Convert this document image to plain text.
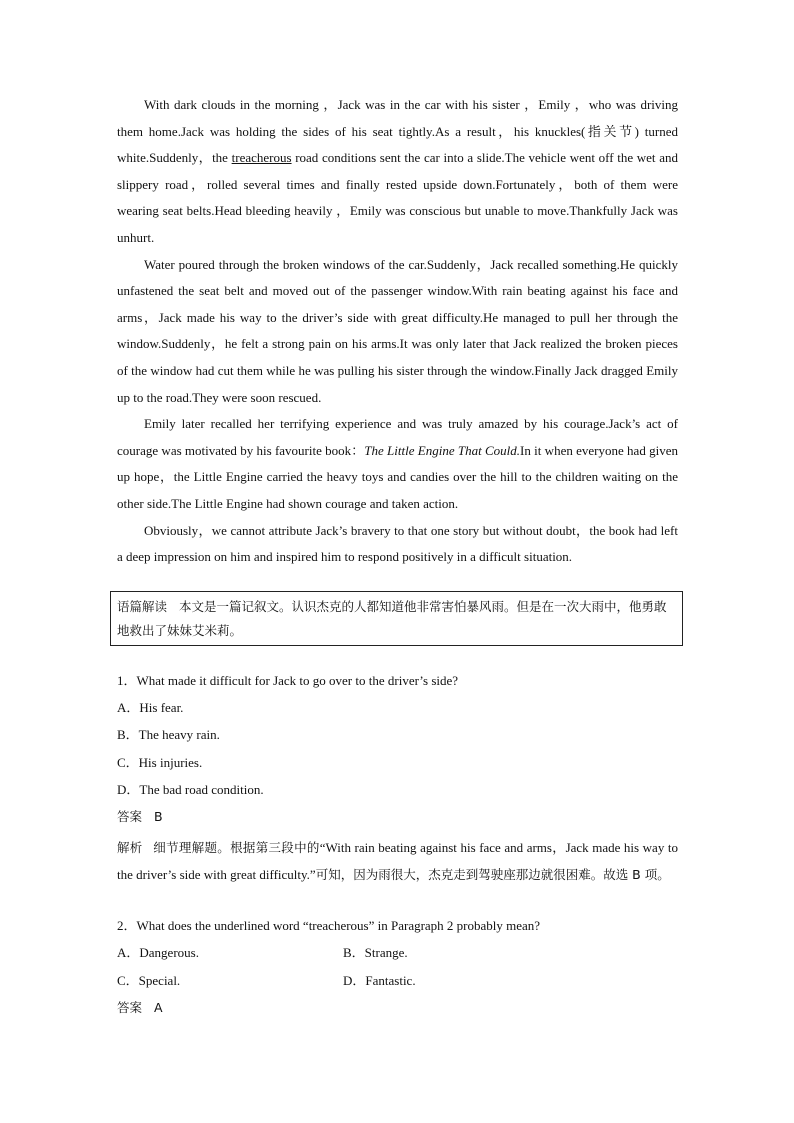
With dark clouds in the morning ，Jack was in the car with his sister ，Emily ，who was driving them home.Jack was holding the sides of his seat tightly.As a result，his knuckles(指关节) turned white.Suddenly，the treacherous road conditions sent the car into a slide.The vehicle went off the wet and slippery road，rolled several times and finally rested upside down.Fortunately，both of them were wearing seat belts.Head bleeding heavily ，Emily was conscious but unable to move.Thankfully Jack was unhurt.

Water poured through the broken windows of the car.Suddenly，Jack recalled something.He quickly unfastened the seat belt and moved out of the passenger window.With rain beating against his face and arms，Jack made his way to the driver’s side with great difficulty.He managed to pull her through the window.Suddenly，he felt a strong pain on his arms.It was only later that Jack realized the broken pieces of the window had cut them while he was pulling his sister through the window.Finally Jack dragged Emily up to the road.They were soon rescued.

Emily later recalled her terrifying experience and was truly amazed by his courage.Jack’s act of courage was motivated by his favourite book：The Little Engine That Could.In it when everyone had given up hope，the Little Engine carried the heavy toys and candies over the hill to the children waiting on the other side.The Little Engine had shown courage and taken action.

Obviously，we cannot attribute Jack’s bravery to that one story but without doubt，the book had left a deep impression on him and inspired him to respond positively in a difficult situation.

语篇解读 本文是一篇记叙文。认识杰克的人都知道他非常害怕暴风雨。但是在一次大雨中，他勇敢地救出了妹妹艾米莉。
1．What made it difficult for Jack to go over to the driver’s side?
A．His fear.
B．The heavy rain.
C．His injuries.
D．The bad road condition.
答案 B
解析 细节理解题。根据第三段中的“With rain beating against his face and arms，Jack made his way to the driver’s side with great difficulty.”可知，因为雨很大，杰克走到驾驶座那边就很困难。故选 B 项。
2．What does the underlined word “treacherous” in Paragraph 2 probably mean?
A．Dangerous.	B．Strange.
C．Special.	D．Fantastic.
答案 A
